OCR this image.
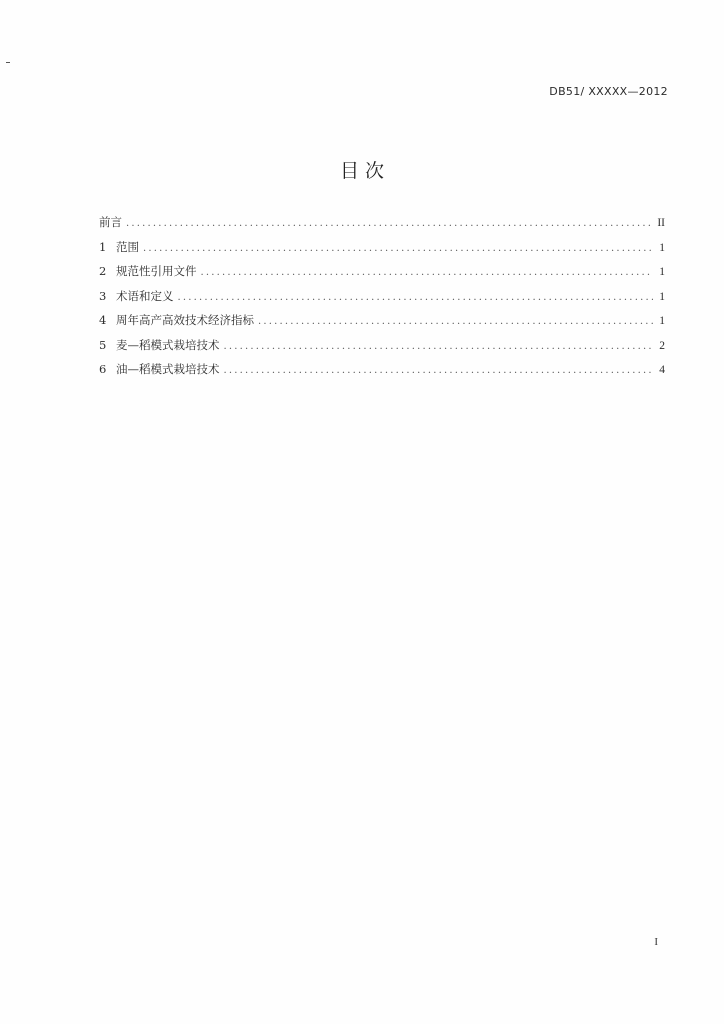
DB51/ XXXXX—2012
目 次
前言 .....	II
1 范围 .....	1
2 规范性引用文件 .....	1
3 术语和定义 .....	1
4 周年高产高效技术经济指标 .....	1
5 麦—稻模式栽培技术 .....	2
6 油—稻模式栽培技术 .....	4
I
